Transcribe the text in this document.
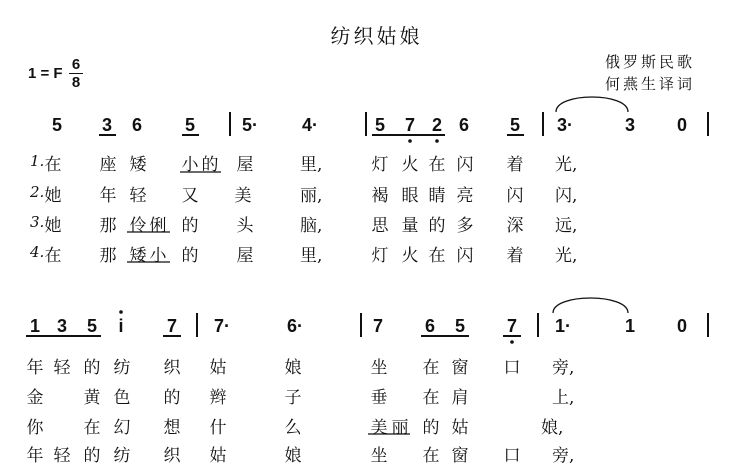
纺织姑娘
1 = F
6
8
俄罗斯民歌
何燕生译词
5 3 6 5	5·	4·	5 7 2 6 5	3·	3 0
1. 在 座 矮 小 的 屋	里,	灯 火 在 闪 着 光,
2. 她 年 轻 又 美	丽,	褐 眼 睛 亮 闪 闪,
3. 她 那 伶 俐 的 头	脑,	思 量 的 多 深 远,
4. 在 那 矮 小 的 屋	里,	灯 火 在 闪 着 光,
1 3 5	i	7	7·	6·	7 6 5 7	1·	1 0
年 轻 的 纺 织 姑	娘	坐 在 窗 口 旁,
金 黄 色 的 辫	子	垂 在 肩	上,
你 在 幻 想 什	么	美 丽 的 姑	娘,
年 轻 的 纺 织 姑	娘	坐 在 窗 口 旁,
